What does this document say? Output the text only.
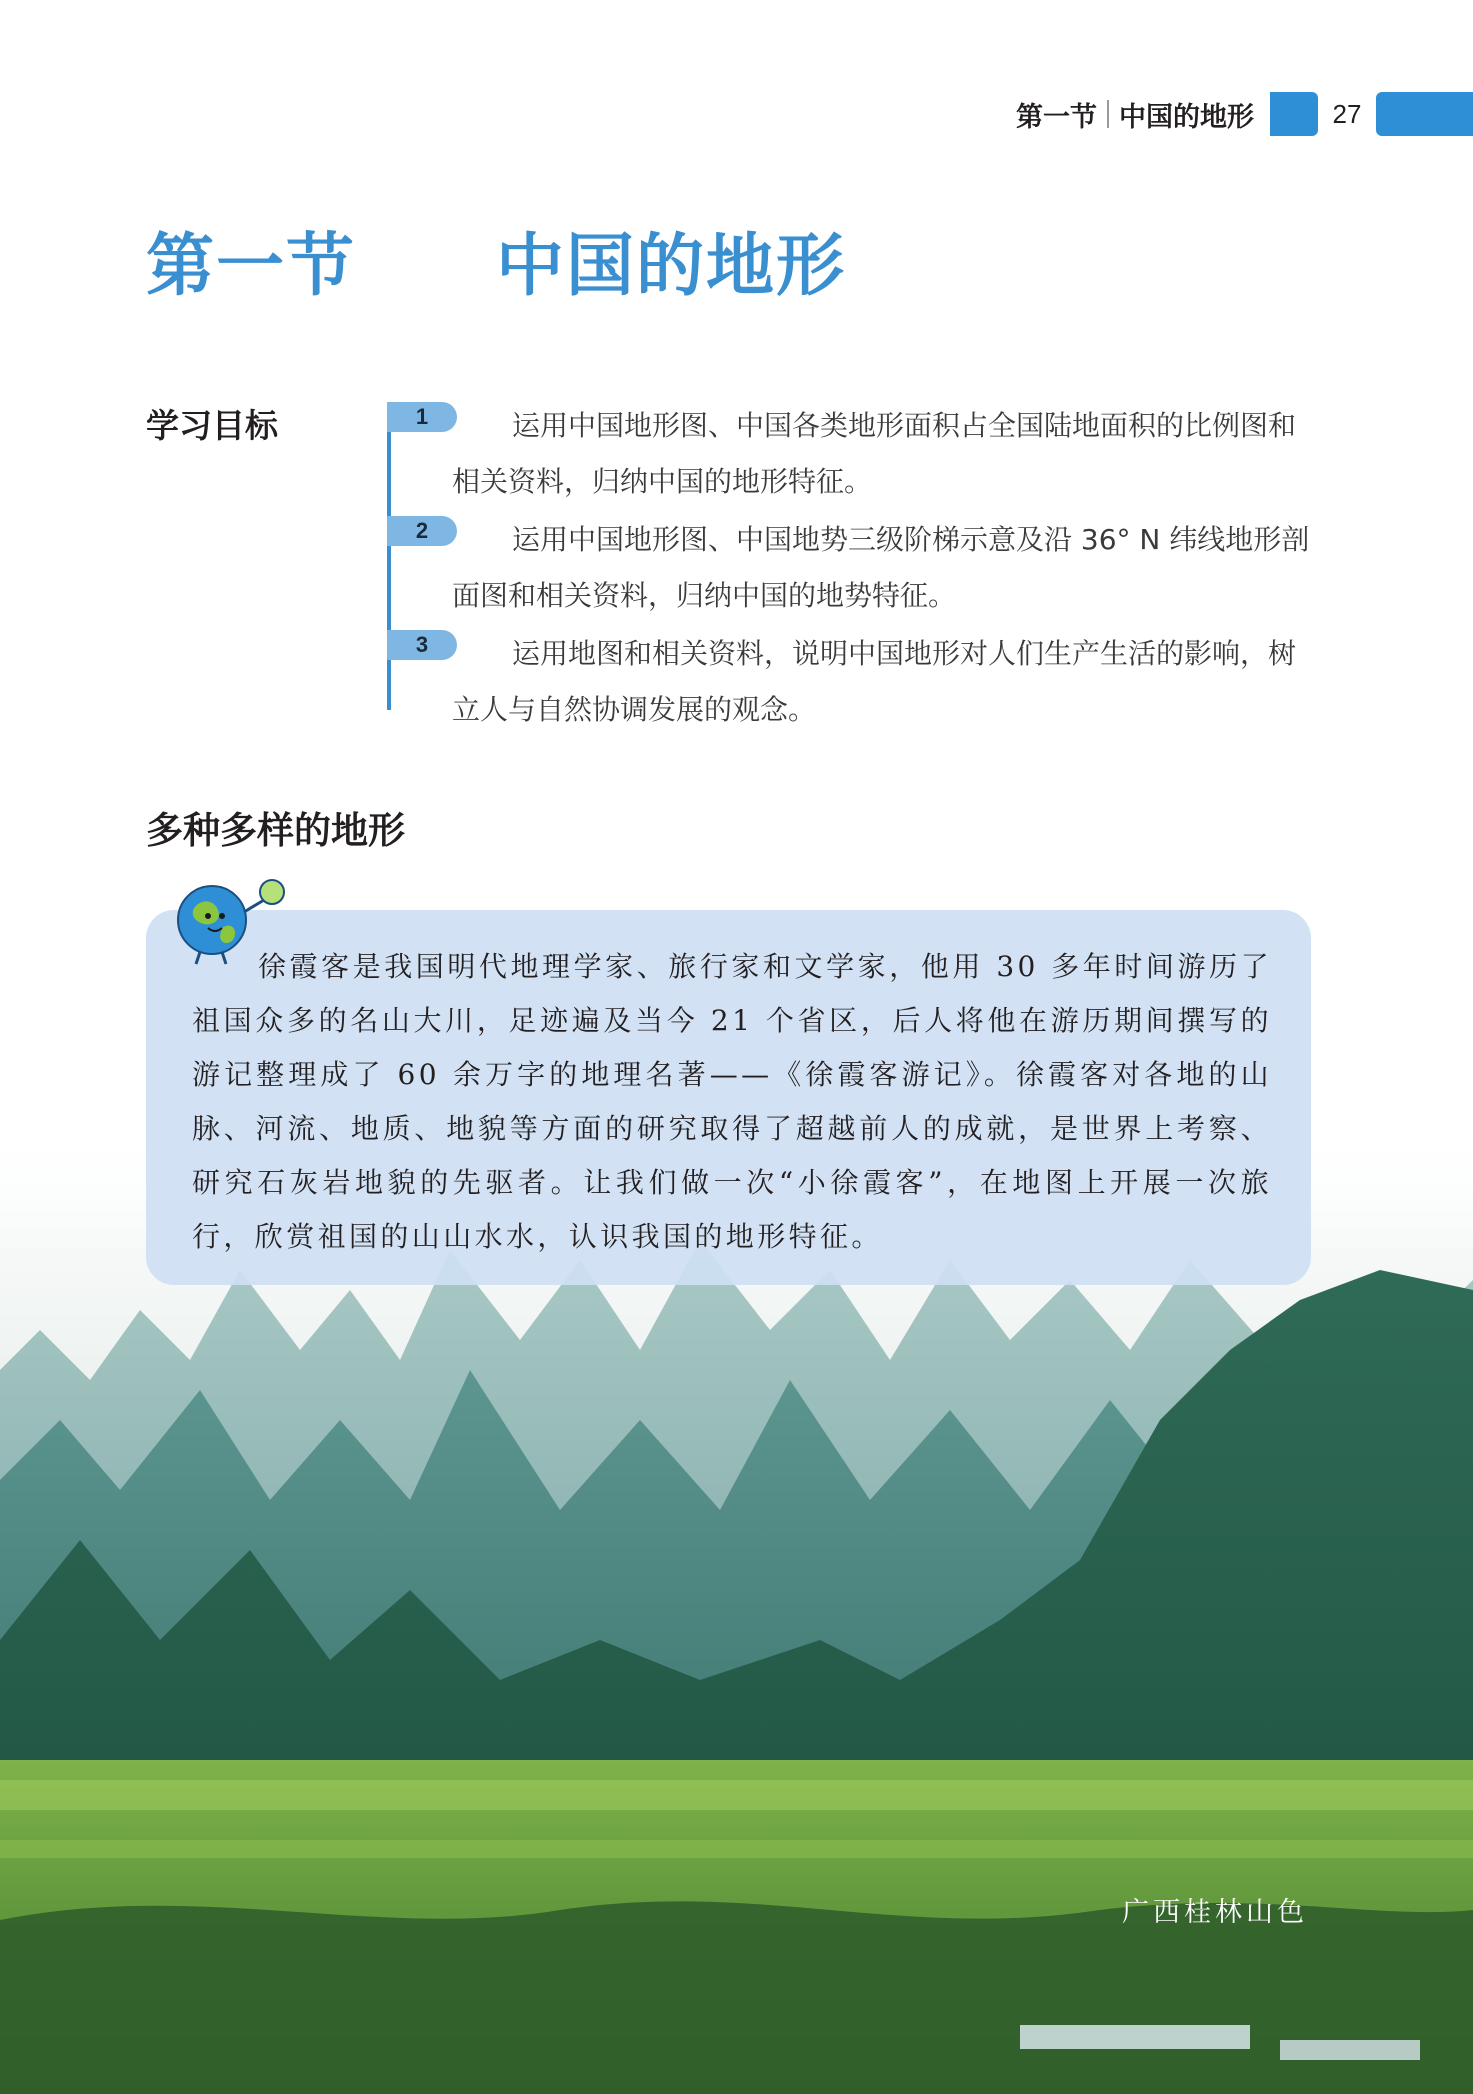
第一节 中国的地形	27
第一节　　中国的地形
学习目标	1	运用中国地形图、中国各类地形面积占全国陆地面积的比例图和相关资料，归纳中国的地形特征。
2	运用中国地形图、中国地势三级阶梯示意及沿 36° N 纬线地形剖面图和相关资料，归纳中国的地势特征。
3	运用地图和相关资料，说明中国地形对人们生产生活的影响，树立人与自然协调发展的观念。
多种多样的地形
广西桂林山色
徐霞客是我国明代地理学家、旅行家和文学家，他用 30 多年时间游历了祖国众多的名山大川，足迹遍及当今 21 个省区，后人将他在游历期间撰写的游记整理成了 60 余万字的地理名著——《徐霞客游记》。徐霞客对各地的山脉、河流、地质、地貌等方面的研究取得了超越前人的成就，是世界上考察、研究石灰岩地貌的先驱者。让我们做一次“小徐霞客”，在地图上开展一次旅行，欣赏祖国的山山水水，认识我国的地形特征。
